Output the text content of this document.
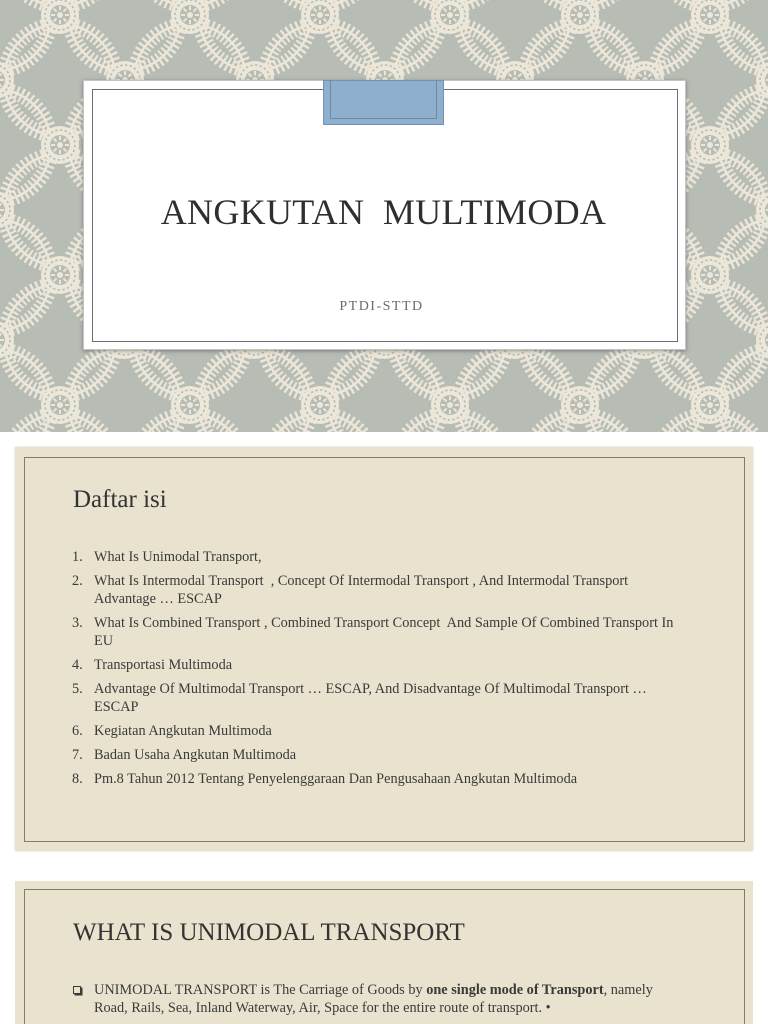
ANGKUTAN  MULTIMODA
PTDI-STTD
Daftar isi
1. What Is Unimodal Transport,
2. What Is Intermodal Transport  , Concept Of Intermodal Transport , And Intermodal Transport Advantage … ESCAP
3. What Is Combined Transport , Combined Transport Concept  And Sample Of Combined Transport In EU
4. Transportasi Multimoda
5. Advantage Of Multimodal Transport … ESCAP, And Disadvantage Of Multimodal Transport … ESCAP
6. Kegiatan Angkutan Multimoda
7. Badan Usaha Angkutan Multimoda
8. Pm.8 Tahun 2012 Tentang Penyelenggaraan Dan Pengusahaan Angkutan Multimoda
WHAT IS UNIMODAL TRANSPORT
UNIMODAL TRANSPORT is The Carriage of Goods by one single mode of Transport, namely Road, Rails, Sea, Inland Waterway, Air, Space for the entire route of transport. •
